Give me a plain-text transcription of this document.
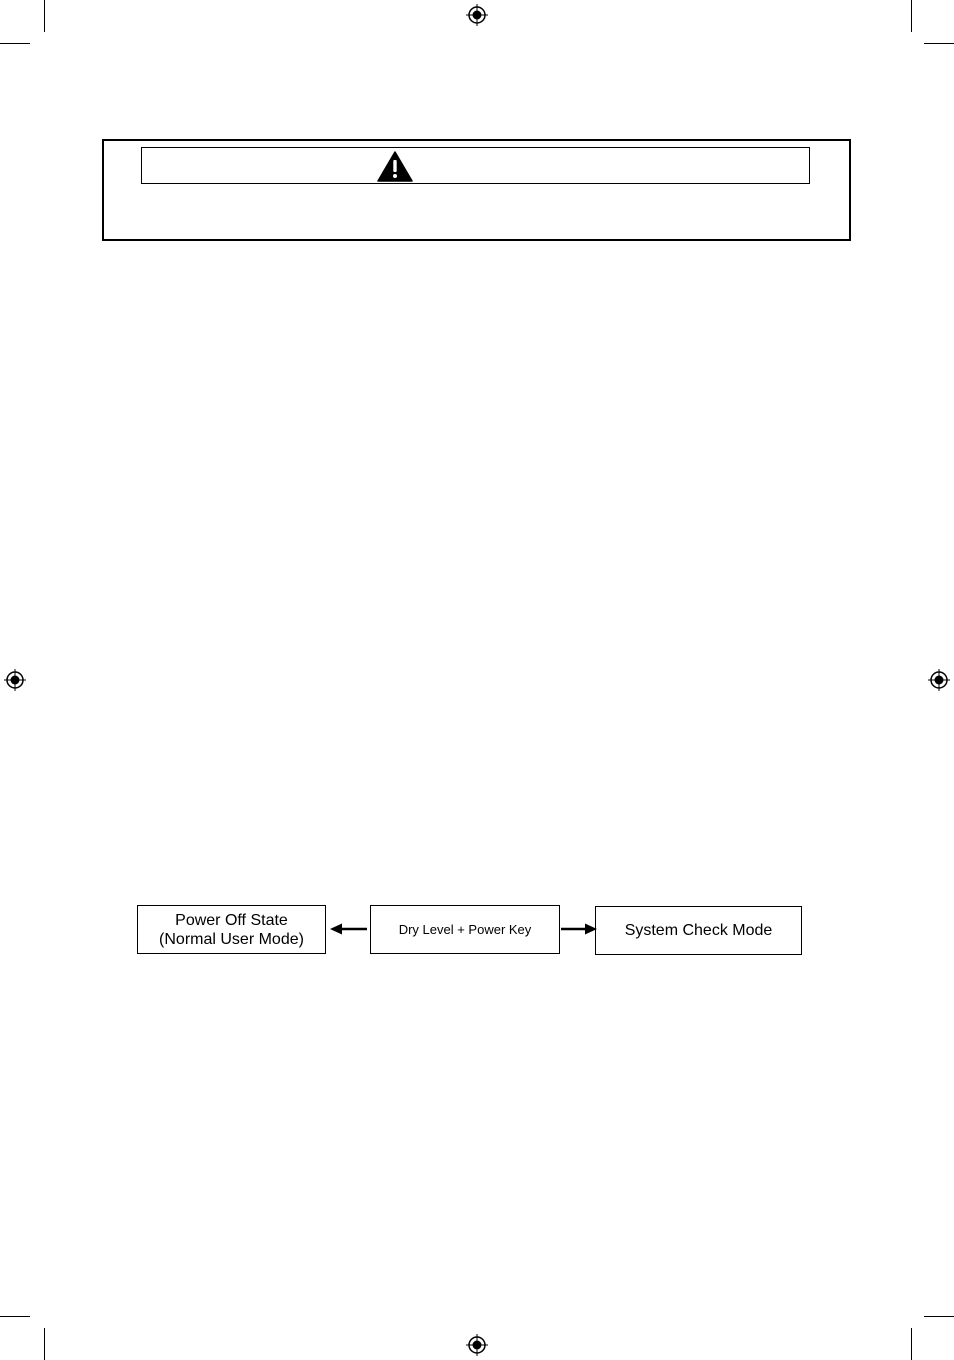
Power Off State
(Normal User Mode)
Dry Level + Power Key	System Check Mode
